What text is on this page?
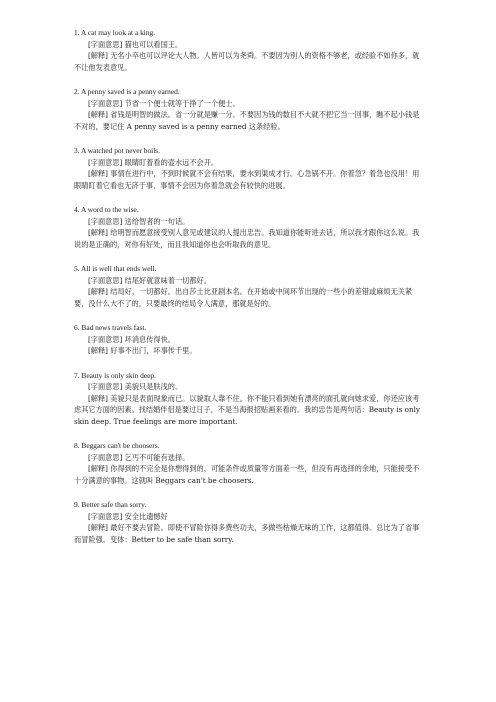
1. A cat may look at a king.
[字面意思] 猫也可以看国王。
[解释] 无名小卒也可以评论大人物。人皆可以为尧舜。不要因为别人的资格不够老，或经验不如你多，就不让他发表意见。
2. A penny saved is a penny earned.
[字面意思] 节省一个便士就等于挣了一个便士。
[解释] 省钱是明智的做法。省一分就是赚一分。不要因为钱的数目不大就不把它当一回事，瞧不起小钱是不对的，要记住 A penny saved is a penny earned 这条经验。
3. A watched pot never boils.
[字面意思] 眼睛盯着看的壶水远不会开。
[解释] 事情在进行中，不到时候就不会有结果，要水到渠成才行。心急锅不开。你着急？着急也没用！用眼睛盯着它看也无济于事，事情不会因为你着急就会有较快的进展。
4. A word to the wise.
[字面意思] 送给智者的一句话。
[解释] 给明智而愿意接受别人意见或建议的人提出忠告。我知道你能听进去话，所以我才跟你这么说。我说的是正确的，对你有好处，而且我知道你也会听取我的意见。
5. All is well that ends well.
[字面意思] 结尾好就意味着一切都好。
[解释] 结局好，一切都好。出自莎士比亚剧本名。在开始或中间环节出现的一些小的差错或麻烦无关紧要，没什么大不了的，只要最终的结局令人满意，那就是好的。
6. Bad news travels fast.
[字面意思] 坏消息传得快。
[解释] 好事不出门，坏事传千里。
7. Beauty is only skin deep.
[字面意思] 美貌只是肤浅的。
[解释] 美貌只是表面现象而已。以貌取人靠不住。你不能只看到她有漂亮的面孔就向她求爱，你还应该考虑其它方面的因素。找结婚伴侣是要过日子，不是当海报招贴画来看的。我的忠告是两句话：Beauty is only skin deep. True feelings are more important.
8. Beggars can't be choosers.
[字面意思] 乞丐不可能有选择。
[解释] 你得到的不完全是你想得到的，可能条件或质量等方面差一些，但没有再选择的余地，只能接受不十分满意的事物。这就叫 Beggars can't be choosers.
9. Better safe than sorry.
[字面意思] 安全比遗憾好
[解释] 最好不要去冒险。即使不冒险你得多费些功夫，多做些枯燥无味的工作，这都值得。总比为了省事而冒险强。变体：Better to be safe than sorry.
